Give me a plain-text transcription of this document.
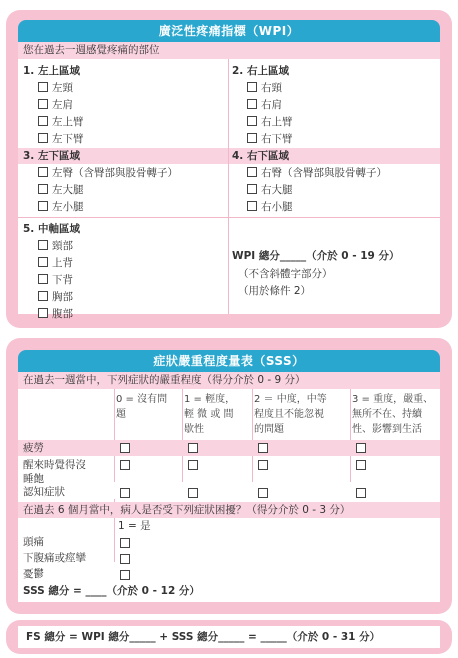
廣泛性疼痛指標（WPI）
您在過去一週感覺疼痛的部位
1. 左上區域
左頸
左肩
左上臂
左下臂
2. 右上區域
右頸
右肩
右上臂
右下臂
3. 左下區域
左臀（含臀部與股骨轉子）
左大腿
左小腿
4. 右下區域
右臀（含臀部與股骨轉子）
右大腿
右小腿
5. 中軸區域
頸部
上背
下背
胸部
腹部
WPI 總分_____（介於 0 - 19 分）
（不含斜體字部分）
（用於條件 2）
症狀嚴重程度量表（SSS）
在過去一週當中，下列症狀的嚴重程度（得分介於 0 - 9 分）
0 = 沒有問
題
1 = 輕度，
輕 微 或 間
歇性
2 ＝ 中度，中等
程度且不能忽視
的問題
3 = 重度，嚴重、
無所不在、持續
性、影響到生活
疲勞
醒來時覺得沒
睡飽
認知症狀
在過去 6 個月當中，病人是否受下列症狀困擾？（得分介於 0 - 3 分）
1 = 是
頭痛
下腹痛或痙攣
憂鬱
SSS 總分 = ____（介於 0 - 12 分）
FS 總分 = WPI 總分_____ + SSS 總分_____ = _____（介於 0 - 31 分）
